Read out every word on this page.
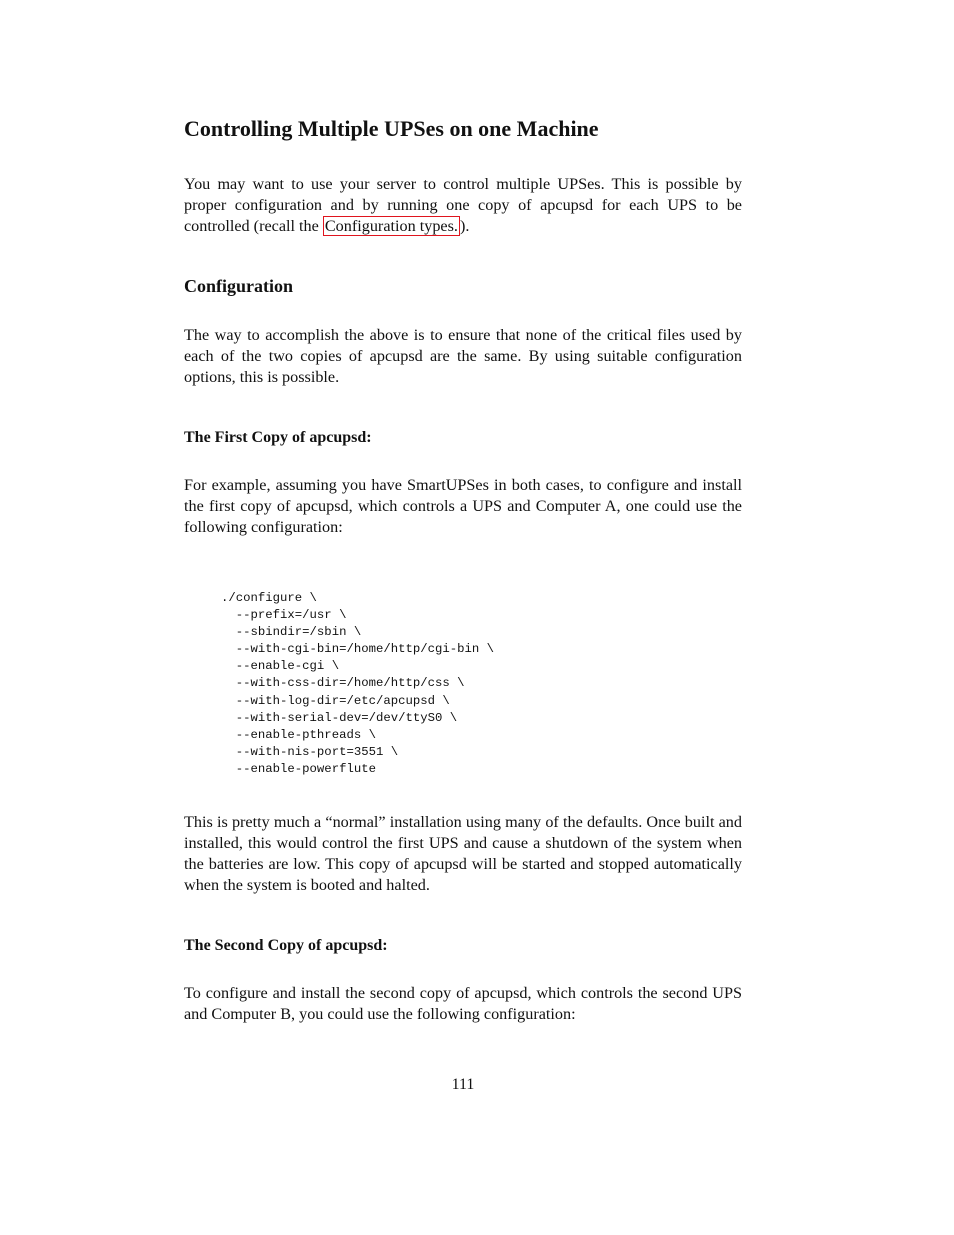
Controlling Multiple UPSes on one Machine

You may want to use your server to control multiple UPSes. This is possible by proper configuration and by running one copy of apcupsd for each UPS to be controlled (recall the Configuration types. ).

Configuration

The way to accomplish the above is to ensure that none of the critical files used by each of the two copies of apcupsd are the same. By using suitable configuration options, this is possible.

The First Copy of apcupsd:

For example, assuming you have SmartUPSes in both cases, to configure and install the first copy of apcupsd, which controls a UPS and Computer A, one could use the following configuration:

./configure \
--prefix=/usr \
--sbindir=/sbin \
--with-cgi-bin=/home/http/cgi-bin \
--enable-cgi \
--with-css-dir=/home/http/css \
--with-log-dir=/etc/apcupsd \
--with-serial-dev=/dev/ttyS0 \
--enable-pthreads \
--with-nis-port=3551 \
--enable-powerflute

This is pretty much a “normal” installation using many of the defaults. Once built and installed, this would control the first UPS and cause a shutdown of the system when the batteries are low. This copy of apcupsd will be started and stopped automatically when the system is booted and halted.

The Second Copy of apcupsd:

To configure and install the second copy of apcupsd, which controls the second UPS and Computer B, you could use the following configuration:

111
